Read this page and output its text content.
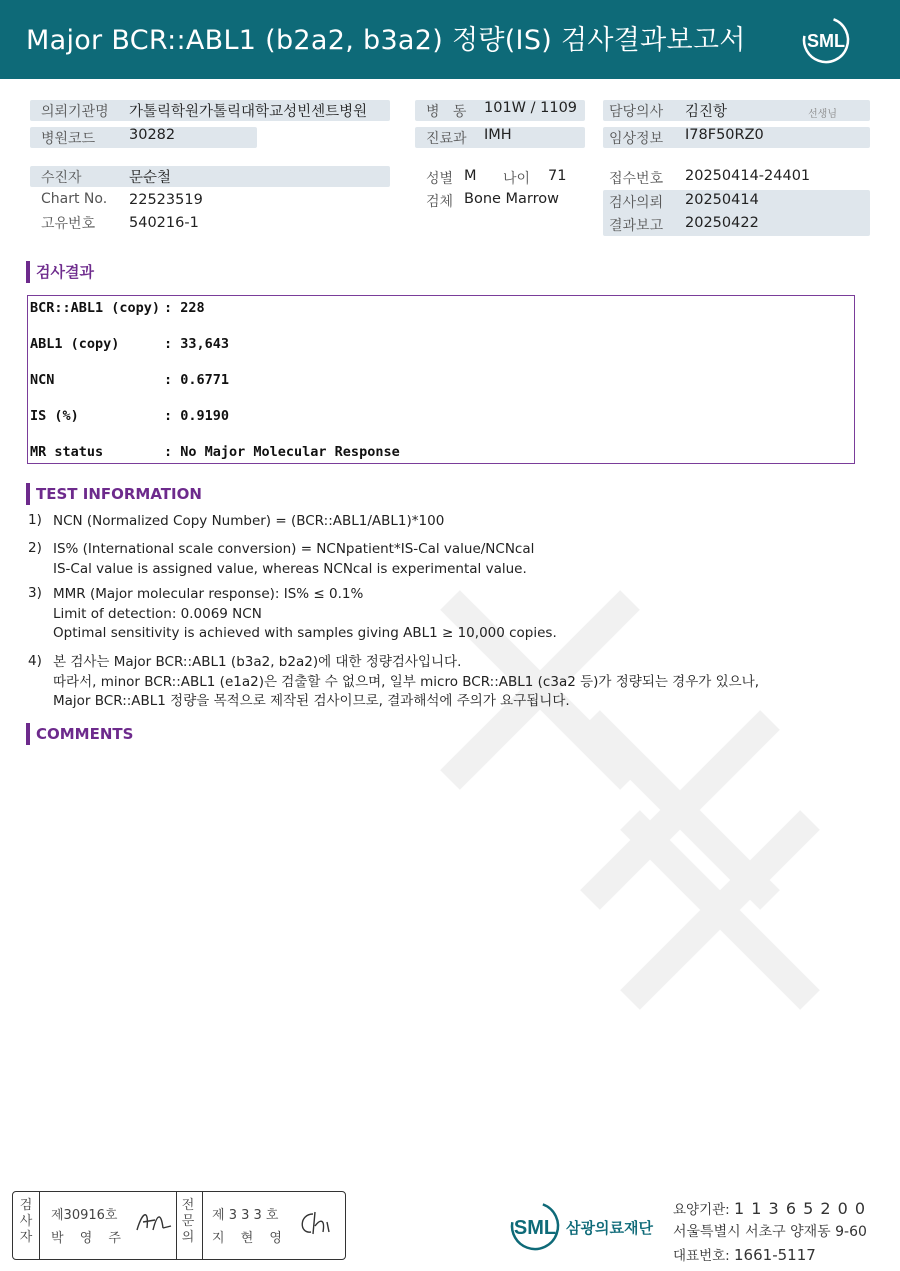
Major BCR::ABL1 (b2a2, b3a2) 정량(IS) 검사결과보고서	SML
의뢰기관명 가톨릭학원가톨릭대학교성빈센트병원
병원코드 30282
병   동 101W / 1109
진료과 IMH
담당의사 김진항	선생님
임상정보 I78F50RZ0
수진자	문순철
Chart No. 22523519
고유번호 540216-1
성별 M 나이 71
검체 Bone Marrow
접수번호 20250414-24401
검사의뢰 20250414
결과보고 20250422
검사결과
BCR::ABL1 (copy) : 228
ABL1 (copy)	: 33,643
NCN	: 0.6771
IS (%)	: 0.9190
MR status	: No Major Molecular Response
TEST INFORMATION
1) NCN (Normalized Copy Number) = (BCR::ABL1/ABL1)*100
2) IS% (International scale conversion) = NCNpatient*IS-Cal value/NCNcal
IS-Cal value is assigned value, whereas NCNcal is experimental value.
3) MMR (Major molecular response): IS% ≤ 0.1%
Limit of detection: 0.0069 NCN
Optimal sensitivity is achieved with samples giving ABL1 ≥ 10,000 copies.
4) 본 검사는 Major BCR::ABL1 (b3a2, b2a2)에 대한 정량검사입니다.
따라서, minor BCR::ABL1 (e1a2)은 검출할 수 없으며, 일부 micro BCR::ABL1 (c3a2 등)가 정량되는 경우가 있으나,
Major BCR::ABL1 정량을 목적으로 제작된 검사이므로, 결과해석에 주의가 요구됩니다.
COMMENTS
검사자
제30916호
박 영 주
전문의
제 3 3 3 호
지 현 영	SML 삼광의료재단
요양기관: 1 1 3 6 5 2 0 0
서울특별시 서초구 양재동 9-60
대표번호: 1661-5117
